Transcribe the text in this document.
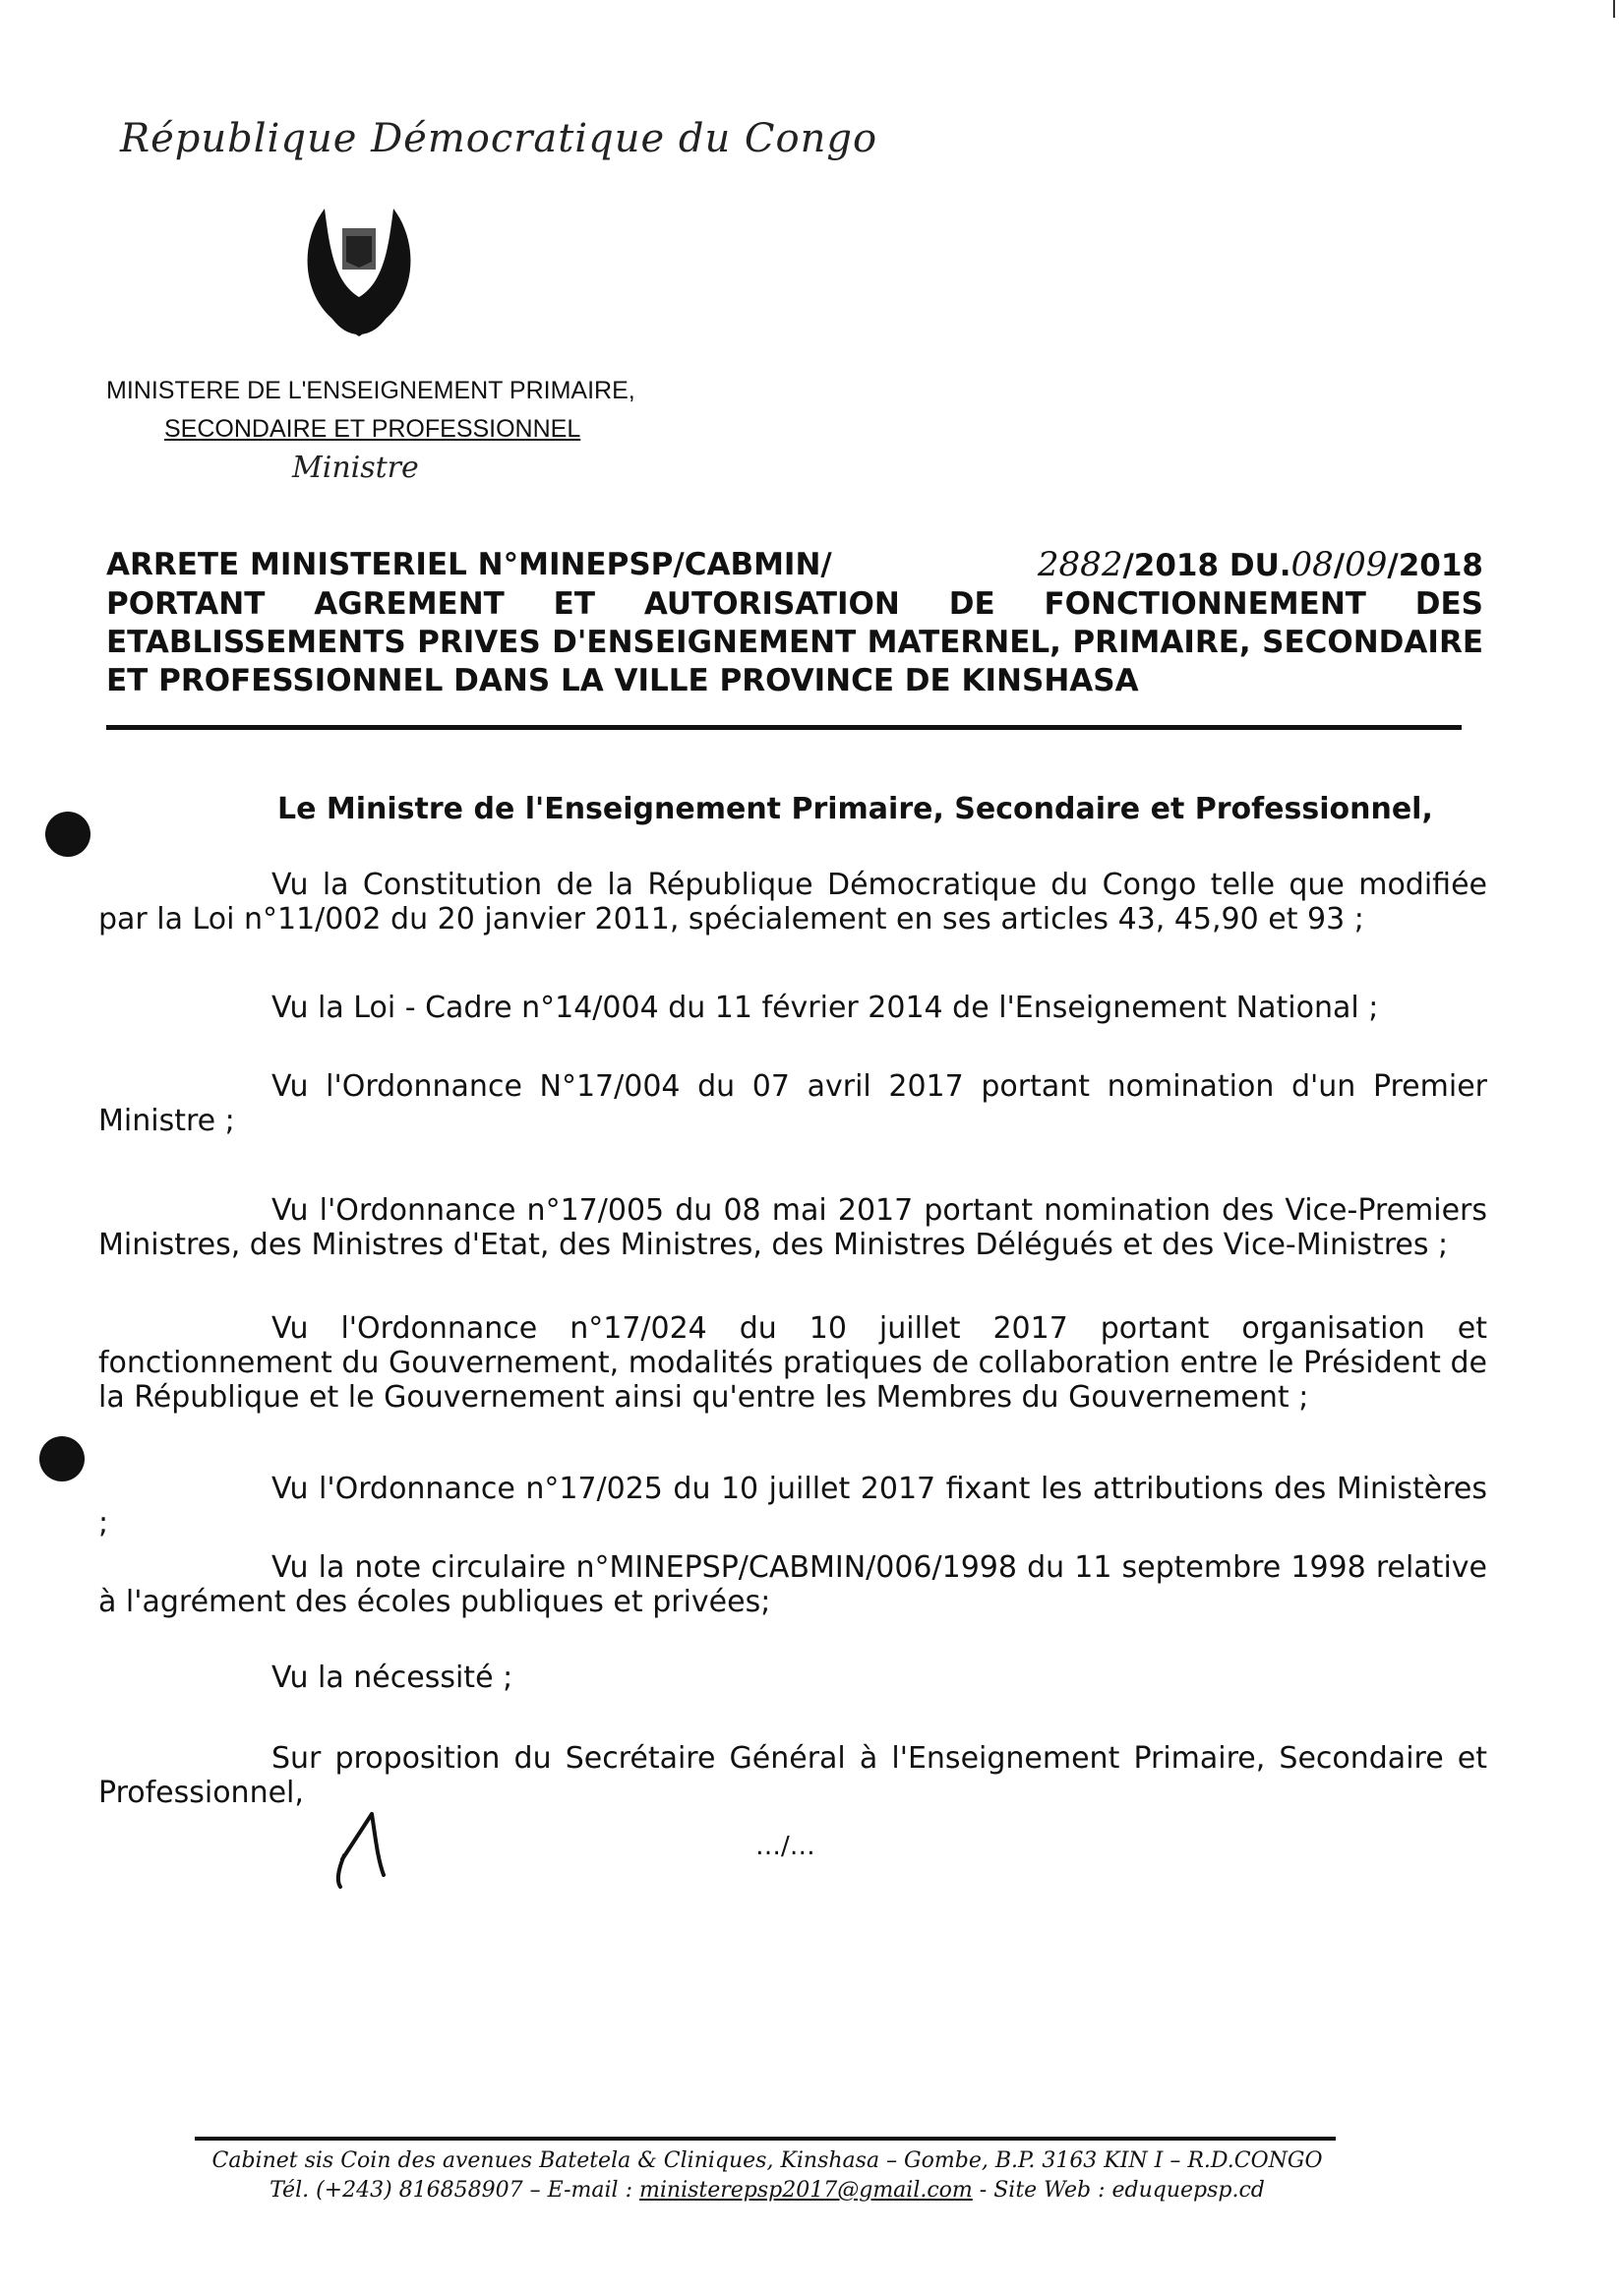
République Démocratique du Congo
MINISTERE DE L'ENSEIGNEMENT PRIMAIRE,
SECONDAIRE ET PROFESSIONNEL
Ministre
ARRETE MINISTERIEL N°MINEPSP/CABMIN/	2882/2018 DU.08/09/2018
PORTANT AGREMENT ET AUTORISATION DE FONCTIONNEMENT DES ETABLISSEMENTS PRIVES D'ENSEIGNEMENT MATERNEL, PRIMAIRE, SECONDAIRE ET PROFESSIONNEL DANS LA VILLE PROVINCE DE KINSHASA
Le Ministre de l'Enseignement Primaire, Secondaire et Professionnel,
Vu la Constitution de la République Démocratique du Congo telle que modifiée par la Loi n°11/002 du 20 janvier 2011, spécialement en ses articles 43, 45,90 et 93 ;
Vu la Loi - Cadre n°14/004 du 11 février 2014 de l'Enseignement National ;
Vu l'Ordonnance N°17/004 du 07 avril 2017 portant nomination d'un Premier Ministre ;
Vu l'Ordonnance n°17/005 du 08 mai 2017 portant nomination des Vice-Premiers Ministres, des Ministres d'Etat, des Ministres, des Ministres Délégués et des Vice-Ministres ;
Vu l'Ordonnance n°17/024 du 10 juillet 2017 portant organisation et fonctionnement du Gouvernement, modalités pratiques de collaboration entre le Président de la République et le Gouvernement ainsi qu'entre les Membres du Gouvernement ;
Vu l'Ordonnance n°17/025 du 10 juillet 2017 fixant les attributions des Ministères ;
Vu la note circulaire n°MINEPSP/CABMIN/006/1998 du 11 septembre 1998 relative à l'agrément des écoles publiques et privées;
Vu la nécessité ;
Sur proposition du Secrétaire Général à l'Enseignement Primaire, Secondaire et Professionnel,
…/…
Cabinet sis Coin des avenues Batetela & Cliniques, Kinshasa – Gombe, B.P. 3163 KIN I – R.D.CONGO
Tél. (+243) 816858907 – E-mail : ministerepsp2017@gmail.com - Site Web : eduquepsp.cd
